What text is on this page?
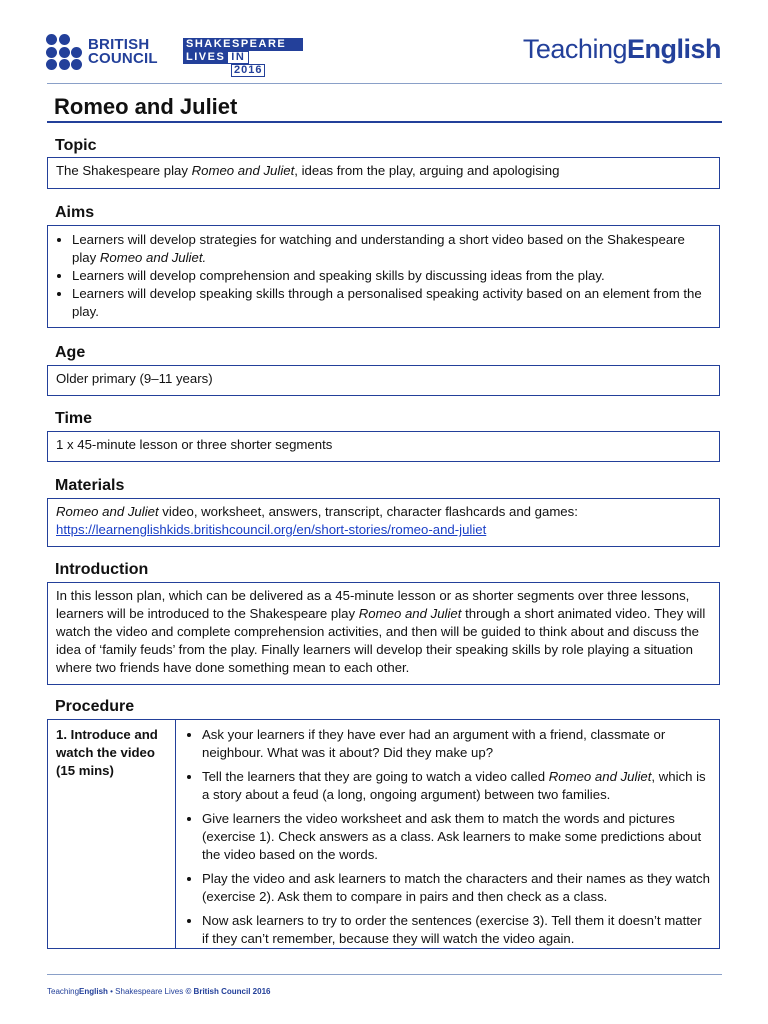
BRITISH
COUNCIL
SHAKESPEARE
LIVES IN
2016
TeachingEnglish
Romeo and Juliet
Topic
The Shakespeare play Romeo and Juliet, ideas from the play, arguing and apologising
Aims
• Learners will develop strategies for watching and understanding a short video based on the Shakespeare play Romeo and Juliet.
• Learners will develop comprehension and speaking skills by discussing ideas from the play.
• Learners will develop speaking skills through a personalised speaking activity based on an element from the play.
Age
Older primary (9–11 years)
Time
1 x 45-minute lesson or three shorter segments
Materials
Romeo and Juliet video, worksheet, answers, transcript, character flashcards and games:
https://learnenglishkids.britishcouncil.org/en/short-stories/romeo-and-juliet
Introduction
In this lesson plan, which can be delivered as a 45-minute lesson or as shorter segments over three lessons, learners will be introduced to the Shakespeare play Romeo and Juliet through a short animated video. They will watch the video and complete comprehension activities, and then will be guided to think about and discuss the idea of ‘family feuds’ from the play. Finally learners will develop their speaking skills by role playing a situation where two friends have done something mean to each other.
Procedure
1. Introduce and watch the video (15 mins)
• Ask your learners if they have ever had an argument with a friend, classmate or neighbour. What was it about? Did they make up?
• Tell the learners that they are going to watch a video called Romeo and Juliet, which is a story about a feud (a long, ongoing argument) between two families.
• Give learners the video worksheet and ask them to match the words and pictures (exercise 1). Check answers as a class. Ask learners to make some predictions about the video based on the words.
• Play the video and ask learners to match the characters and their names as they watch (exercise 2). Ask them to compare in pairs and then check as a class.
• Now ask learners to try to order the sentences (exercise 3). Tell them it doesn’t matter if they can’t remember, because they will watch the video again.
TeachingEnglish • Shakespeare Lives © British Council 2016
